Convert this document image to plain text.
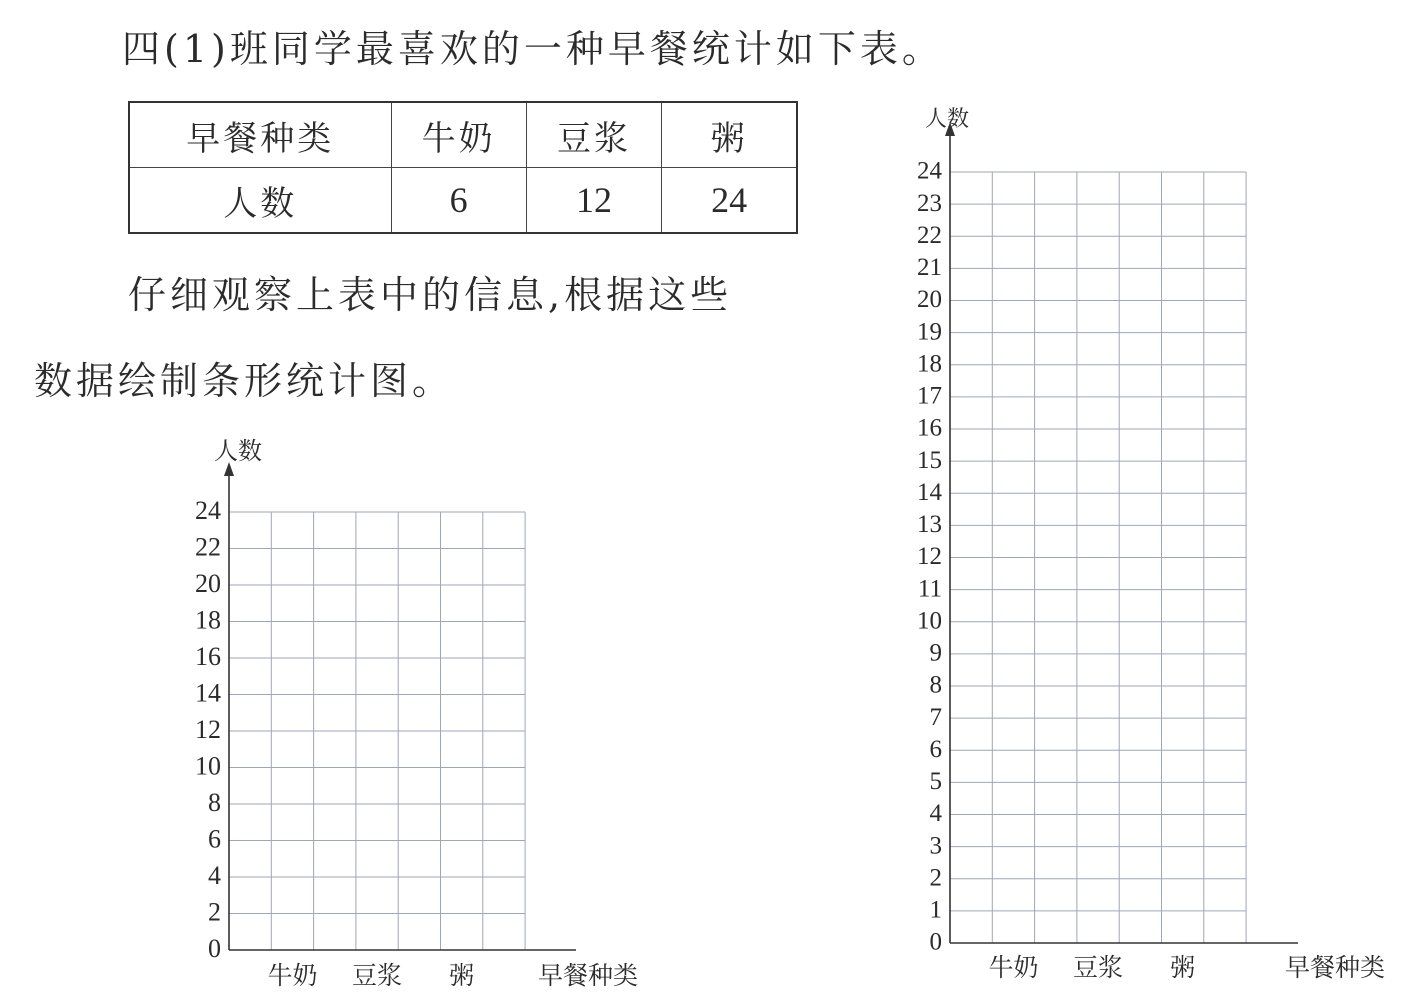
四(1)班同学最喜欢的一种早餐统计如下表。
早餐种类	牛奶	豆浆	粥
人数	6	12	24
仔细观察上表中的信息,根据这些
数据绘制条形统计图。
0
2
4
6
8
10
12
14
16
18
20
22
24
牛奶 豆浆 粥
人数
早餐种类
0
1
2
3
4
5
6
7
8
9
10
11
12
13
14
15
16
17
18
19
20
21
22
23
24
牛奶 豆浆 粥
人数
早餐种类
